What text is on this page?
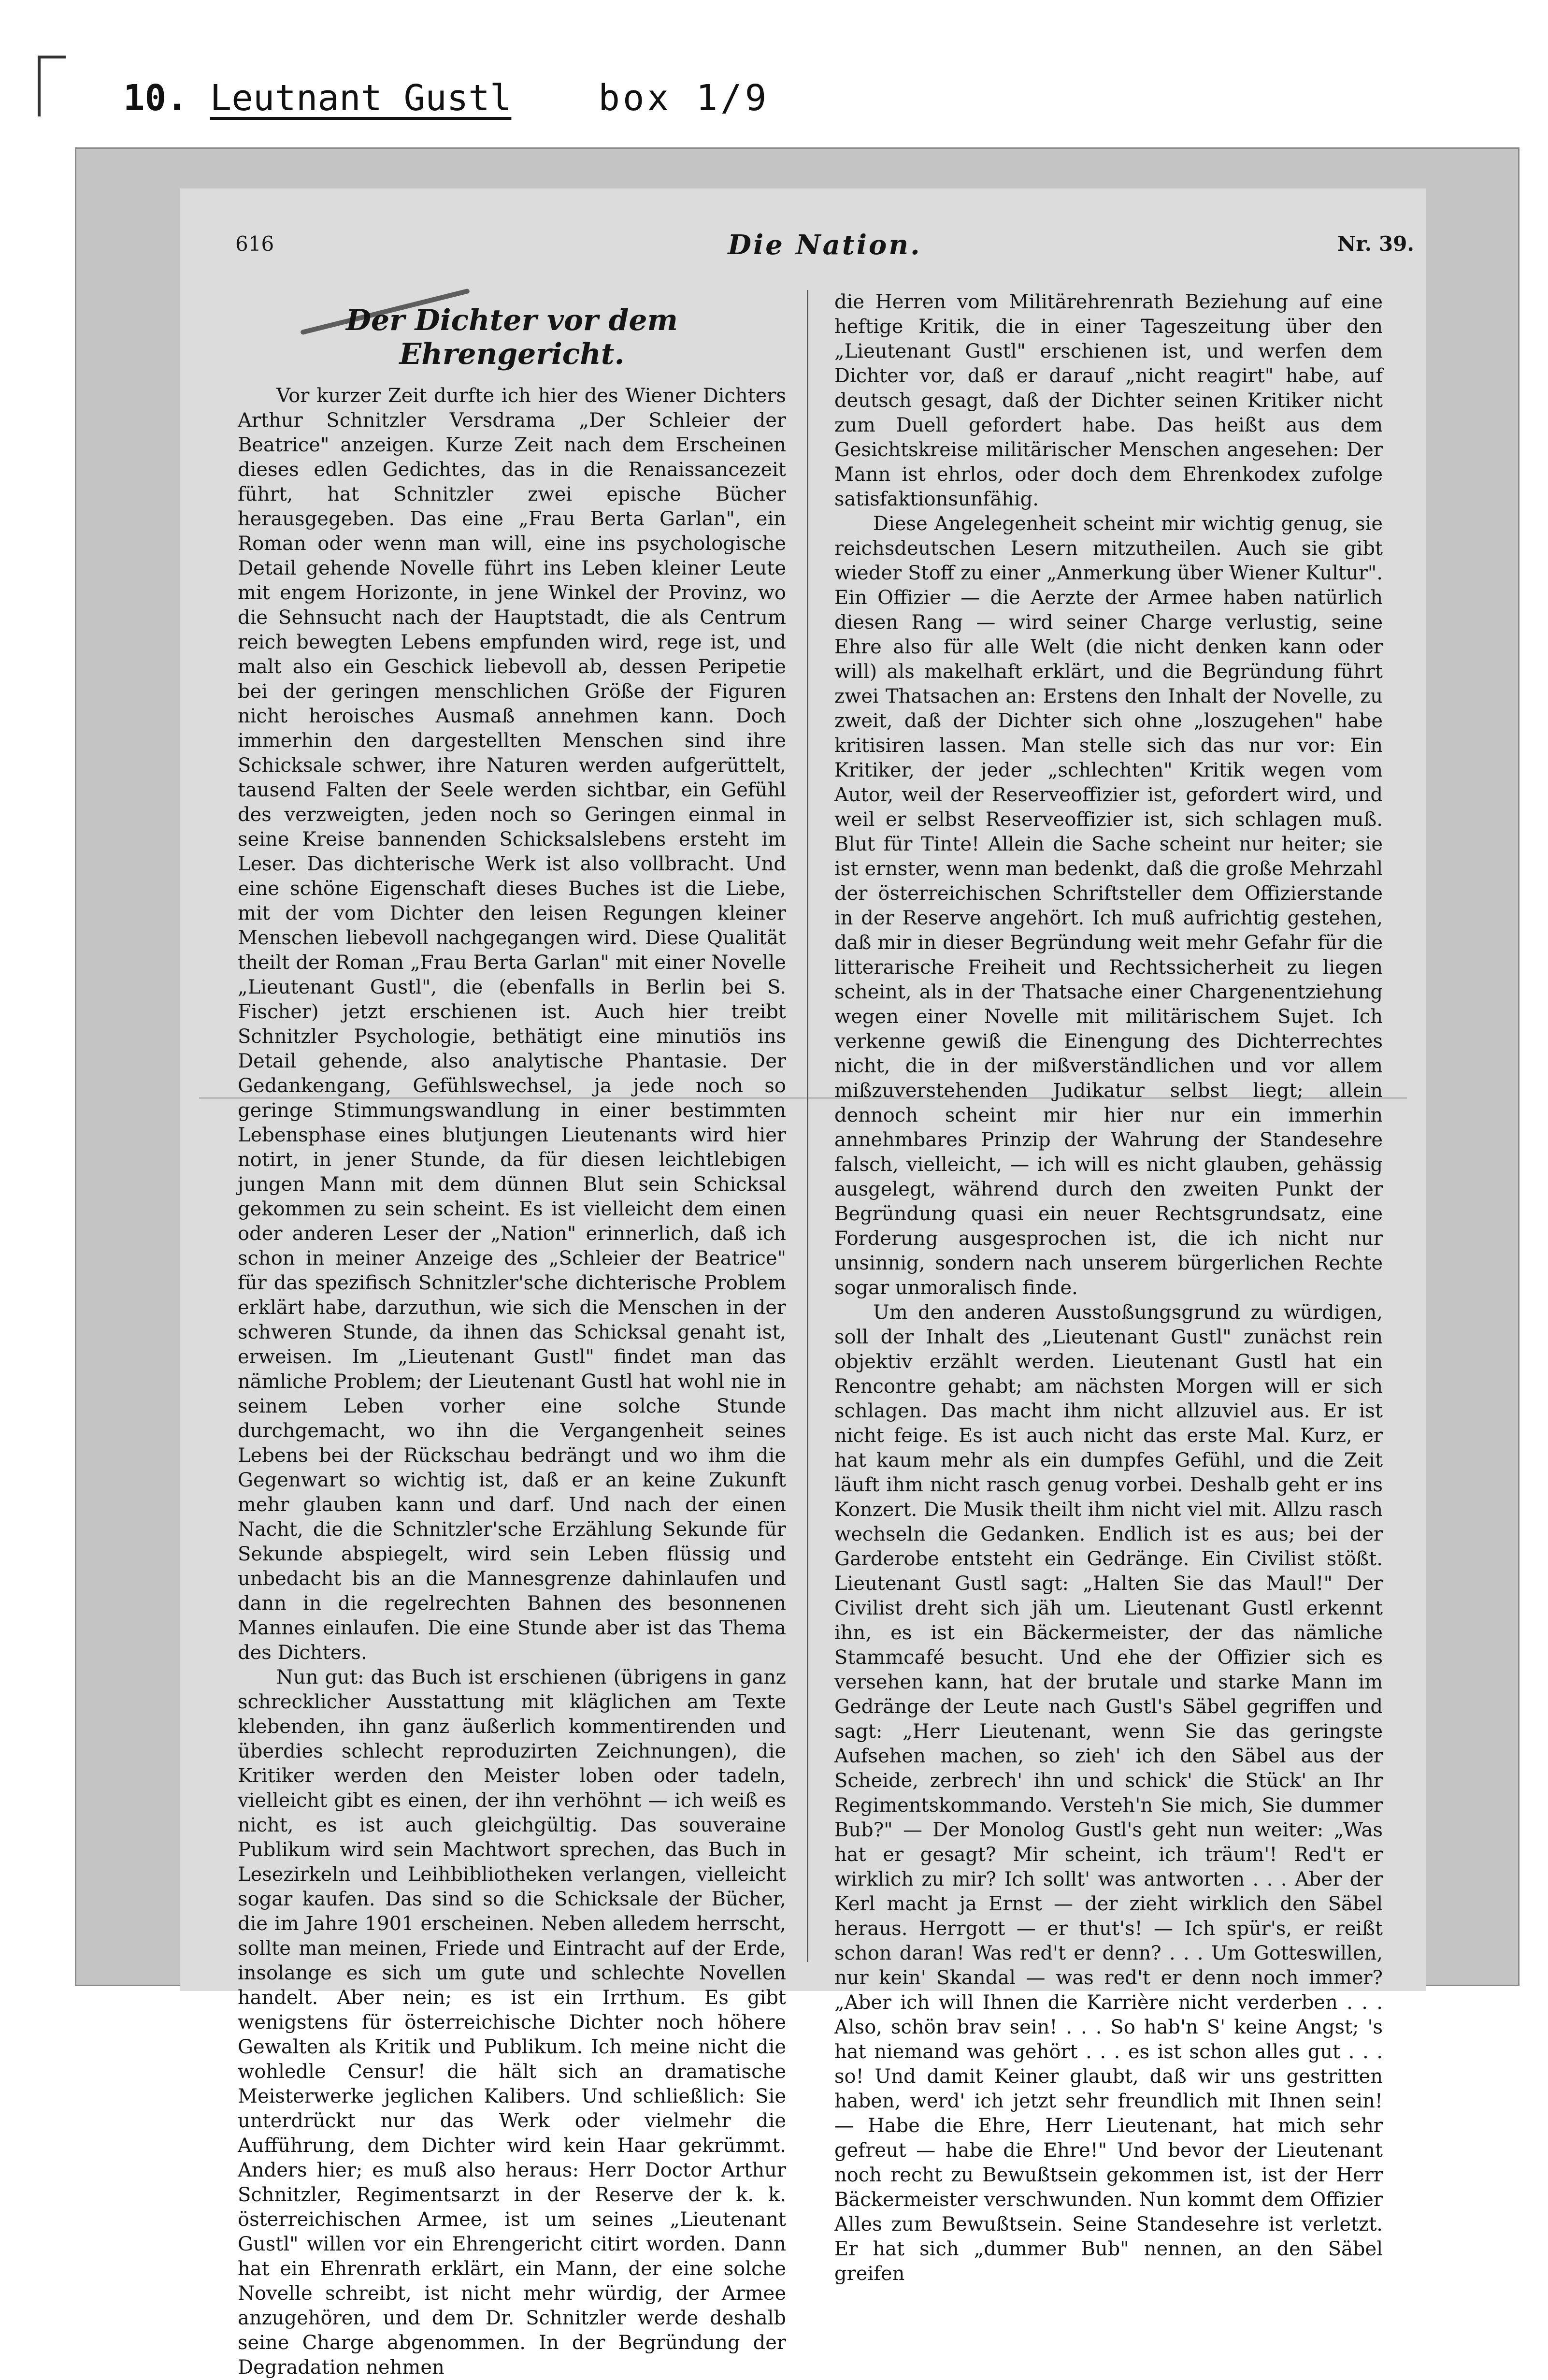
10. Leutnant Gustl box 1/9
616	Die Nation.	Nr. 39.
Der Dichter vor dem Ehrengericht.

Vor kurzer Zeit durfte ich hier des Wiener Dichters Arthur Schnitzler Versdrama „Der Schleier der Beatrice" anzeigen. Kurze Zeit nach dem Erscheinen dieses edlen Gedichtes, das in die Renaissancezeit führt, hat Schnitzler zwei epische Bücher herausgegeben. Das eine „Frau Berta Garlan", ein Roman oder wenn man will, eine ins psychologische Detail gehende Novelle führt ins Leben kleiner Leute mit engem Horizonte, in jene Winkel der Provinz, wo die Sehnsucht nach der Hauptstadt, die als Centrum reich bewegten Lebens empfunden wird, rege ist, und malt also ein Geschick liebevoll ab, dessen Peripetie bei der geringen menschlichen Größe der Figuren nicht heroisches Ausmaß annehmen kann. Doch immerhin den dargestellten Menschen sind ihre Schicksale schwer, ihre Naturen werden aufgerüttelt, tausend Falten der Seele werden sichtbar, ein Gefühl des verzweigten, jeden noch so Geringen einmal in seine Kreise bannenden Schicksalslebens ersteht im Leser. Das dichterische Werk ist also vollbracht. Und eine schöne Eigenschaft dieses Buches ist die Liebe, mit der vom Dichter den leisen Regungen kleiner Menschen liebevoll nachgegangen wird. Diese Qualität theilt der Roman „Frau Berta Garlan" mit einer Novelle „Lieutenant Gustl", die (ebenfalls in Berlin bei S. Fischer) jetzt erschienen ist. Auch hier treibt Schnitzler Psychologie, bethätigt eine minutiös ins Detail gehende, also analytische Phantasie. Der Gedankengang, Gefühlswechsel, ja jede noch so geringe Stimmungswandlung in einer bestimmten Lebensphase eines blutjungen Lieutenants wird hier notirt, in jener Stunde, da für diesen leichtlebigen jungen Mann mit dem dünnen Blut sein Schicksal gekommen zu sein scheint. Es ist vielleicht dem einen oder anderen Leser der „Nation" erinnerlich, daß ich schon in meiner Anzeige des „Schleier der Beatrice" für das spezifisch Schnitzler'sche dichterische Problem erklärt habe, darzuthun, wie sich die Menschen in der schweren Stunde, da ihnen das Schicksal genaht ist, erweisen. Im „Lieutenant Gustl" findet man das nämliche Problem; der Lieutenant Gustl hat wohl nie in seinem Leben vorher eine solche Stunde durchgemacht, wo ihn die Vergangenheit seines Lebens bei der Rückschau bedrängt und wo ihm die Gegenwart so wichtig ist, daß er an keine Zukunft mehr glauben kann und darf. Und nach der einen Nacht, die die Schnitzler'sche Erzählung Sekunde für Sekunde abspiegelt, wird sein Leben flüssig und unbedacht bis an die Mannesgrenze dahinlaufen und dann in die regelrechten Bahnen des besonnenen Mannes einlaufen. Die eine Stunde aber ist das Thema des Dichters.

Nun gut: das Buch ist erschienen (übrigens in ganz schrecklicher Ausstattung mit kläglichen am Texte klebenden, ihn ganz äußerlich kommentirenden und überdies schlecht reproduzirten Zeichnungen), die Kritiker werden den Meister loben oder tadeln, vielleicht gibt es einen, der ihn verhöhnt — ich weiß es nicht, es ist auch gleichgültig. Das souveraine Publikum wird sein Machtwort sprechen, das Buch in Lesezirkeln und Leihbibliotheken verlangen, vielleicht sogar kaufen. Das sind so die Schicksale der Bücher, die im Jahre 1901 erscheinen. Neben alledem herrscht, sollte man meinen, Friede und Eintracht auf der Erde, insolange es sich um gute und schlechte Novellen handelt. Aber nein; es ist ein Irrthum. Es gibt wenigstens für österreichische Dichter noch höhere Gewalten als Kritik und Publikum. Ich meine nicht die wohledle Censur! die hält sich an dramatische Meisterwerke jeglichen Kalibers. Und schließlich: Sie unterdrückt nur das Werk oder vielmehr die Aufführung, dem Dichter wird kein Haar gekrümmt. Anders hier; es muß also heraus: Herr Doctor Arthur Schnitzler, Regimentsarzt in der Reserve der k. k. österreichischen Armee, ist um seines „Lieutenant Gustl" willen vor ein Ehrengericht citirt worden. Dann hat ein Ehrenrath erklärt, ein Mann, der eine solche Novelle schreibt, ist nicht mehr würdig, der Armee anzugehören, und dem Dr. Schnitzler werde deshalb seine Charge abgenommen. In der Begründung der Degradation nehmen

die Herren vom Militärehrenrath Beziehung auf eine heftige Kritik, die in einer Tageszeitung über den „Lieutenant Gustl" erschienen ist, und werfen dem Dichter vor, daß er darauf „nicht reagirt" habe, auf deutsch gesagt, daß der Dichter seinen Kritiker nicht zum Duell gefordert habe. Das heißt aus dem Gesichtskreise militärischer Menschen angesehen: Der Mann ist ehrlos, oder doch dem Ehrenkodex zufolge satisfaktionsunfähig.

Diese Angelegenheit scheint mir wichtig genug, sie reichsdeutschen Lesern mitzutheilen. Auch sie gibt wieder Stoff zu einer „Anmerkung über Wiener Kultur". Ein Offizier — die Aerzte der Armee haben natürlich diesen Rang — wird seiner Charge verlustig, seine Ehre also für alle Welt (die nicht denken kann oder will) als makelhaft erklärt, und die Begründung führt zwei Thatsachen an: Erstens den Inhalt der Novelle, zu zweit, daß der Dichter sich ohne „loszugehen" habe kritisiren lassen. Man stelle sich das nur vor: Ein Kritiker, der jeder „schlechten" Kritik wegen vom Autor, weil der Reserveoffizier ist, gefordert wird, und weil er selbst Reserveoffizier ist, sich schlagen muß. Blut für Tinte! Allein die Sache scheint nur heiter; sie ist ernster, wenn man bedenkt, daß die große Mehrzahl der österreichischen Schriftsteller dem Offizierstande in der Reserve angehört. Ich muß aufrichtig gestehen, daß mir in dieser Begründung weit mehr Gefahr für die litterarische Freiheit und Rechtssicherheit zu liegen scheint, als in der Thatsache einer Chargenentziehung wegen einer Novelle mit militärischem Sujet. Ich verkenne gewiß die Einengung des Dichterrechtes nicht, die in der mißverständlichen und vor allem mißzuverstehenden Judikatur selbst liegt; allein dennoch scheint mir hier nur ein immerhin annehmbares Prinzip der Wahrung der Standesehre falsch, vielleicht, — ich will es nicht glauben, gehässig ausgelegt, während durch den zweiten Punkt der Begründung quasi ein neuer Rechtsgrundsatz, eine Forderung ausgesprochen ist, die ich nicht nur unsinnig, sondern nach unserem bürgerlichen Rechte sogar unmoralisch finde.

Um den anderen Ausstoßungsgrund zu würdigen, soll der Inhalt des „Lieutenant Gustl" zunächst rein objektiv erzählt werden. Lieutenant Gustl hat ein Rencontre gehabt; am nächsten Morgen will er sich schlagen. Das macht ihm nicht allzuviel aus. Er ist nicht feige. Es ist auch nicht das erste Mal. Kurz, er hat kaum mehr als ein dumpfes Gefühl, und die Zeit läuft ihm nicht rasch genug vorbei. Deshalb geht er ins Konzert. Die Musik theilt ihm nicht viel mit. Allzu rasch wechseln die Gedanken. Endlich ist es aus; bei der Garderobe entsteht ein Gedränge. Ein Civilist stößt. Lieutenant Gustl sagt: „Halten Sie das Maul!" Der Civilist dreht sich jäh um. Lieutenant Gustl erkennt ihn, es ist ein Bäckermeister, der das nämliche Stammcafé besucht. Und ehe der Offizier sich es versehen kann, hat der brutale und starke Mann im Gedränge der Leute nach Gustl's Säbel gegriffen und sagt: „Herr Lieutenant, wenn Sie das geringste Aufsehen machen, so zieh' ich den Säbel aus der Scheide, zerbrech' ihn und schick' die Stück' an Ihr Regimentskommando. Versteh'n Sie mich, Sie dummer Bub?" — Der Monolog Gustl's geht nun weiter: „Was hat er gesagt? Mir scheint, ich träum'! Red't er wirklich zu mir? Ich sollt' was antworten . . . Aber der Kerl macht ja Ernst — der zieht wirklich den Säbel heraus. Herrgott — er thut's! — Ich spür's, er reißt schon daran! Was red't er denn? . . . Um Gotteswillen, nur kein' Skandal — was red't er denn noch immer? „Aber ich will Ihnen die Karrière nicht verderben . . . Also, schön brav sein! . . . So hab'n S' keine Angst; 's hat niemand was gehört . . . es ist schon alles gut . . . so! Und damit Keiner glaubt, daß wir uns gestritten haben, werd' ich jetzt sehr freundlich mit Ihnen sein! — Habe die Ehre, Herr Lieutenant, hat mich sehr gefreut — habe die Ehre!" Und bevor der Lieutenant noch recht zu Bewußtsein gekommen ist, ist der Herr Bäckermeister verschwunden. Nun kommt dem Offizier Alles zum Bewußtsein. Seine Standesehre ist verletzt. Er hat sich „dummer Bub" nennen, an den Säbel greifen
